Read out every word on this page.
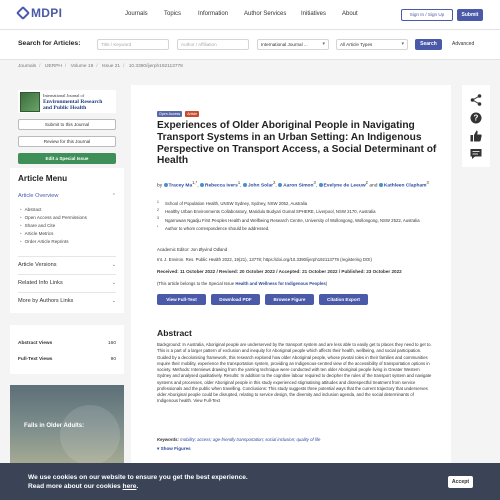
MDPI	Journals	Topics	Information	Author Services Initiatives	About	Sign In / Sign Up	Submit
Search for Articles:	Title / Keyword	Author / Affiliation	International Journal ... ▾	All Article Types ▾	Search	Advanced
Journals / IJERPH / Volume 19 / Issue 21 / 10.3390/ijerph192113778
International Journal of
Environmental Research
and Public Health
Submit to this Journal
Review for this Journal
Edit a Special Issue
Article Menu
Article Overview	⌃
• Abstract
• Open Access and Permissions
• Share and Cite
• Article Metrics
• Order Article Reprints
Article Versions	⌄
Related Info Links	⌄
More by Authors Links	⌄
Abstract Views	160
Full-Text Views	90
Falls in Older Adults:
Open Access	Article
Experiences of Older Aboriginal People in Navigating Transport Systems in an Urban Setting: An Indigenous Perspective on Transport Access, a Social Determinant of Health
by Tracey $Ma^{1,*}$, Rebecca Ivers$^1$, John Solar$^2$, Aaron Simon$^3$, Evelyne de Leeuw$^2$ and Kathleen Clapham$^3$
1 School of Population Health, UNSW Sydney, Sydney, NSW 2052, Australia
2 Healthy Urban Environments Collaboratory, Maridulu Budyari Gumal SPHERE, Liverpool, NSW 2170, Australia
3 Ngarruwan Ngadju First Peoples Health and Wellbeing Research Centre, University of Wollongong, Wollongong, NSW 2522, Australia
* Author to whom correspondence should be addressed.
Academic Editor: Jon Øyvind Odland
Int. J. Environ. Res. Public Health 2022, 19(21), 13778; https://doi.org/10.3390/ijerph192113778 (registering DOI)
Received: 11 October 2022 / Revised: 20 October 2022 / Accepted: 21 October 2022 / Published: 23 October 2022
(This article belongs to the Special Issue Health and Wellness for Indigenous Peoples)
View Full-Text	Download PDF	Browse Figure	Citation Export
Abstract

Background: In Australia, Aboriginal people are underserved by the transport system and are less able to easily get to places they need to get to. This is a part of a larger pattern of exclusion and inequity for Aboriginal people which affects their health, wellbeing, and social participation. Guided by a decolonising framework, this research explored how older Aboriginal people, whose pivotal roles in their families and communities require their mobility, experience the transportation system, providing an Indigenous-centred view of the accessibility of transportation options in society. Methods: Interviews drawing from the yarning technique were conducted with ten older Aboriginal people living in Greater Western Sydney and analysed qualitatively. Results: In addition to the cognitive labour required to decipher the rules of the transport system and navigate systems and processes, older Aboriginal people in this study experienced stigmatising attitudes and disrespectful treatment from service professionals and the public when travelling. Conclusions: This study suggests three potential ways that the current trajectory that underserves older Aboriginal people could be disrupted, relating to service design, the diversity and inclusion agenda, and the social determinants of Indigenous health. View Full-Text

Keywords: mobility; access; age-friendly transportation; social inclusion; quality of life
▾ Show Figures
?
We use cookies on our website to ensure you get the best experience.
Read more about our cookies here.
Accept
